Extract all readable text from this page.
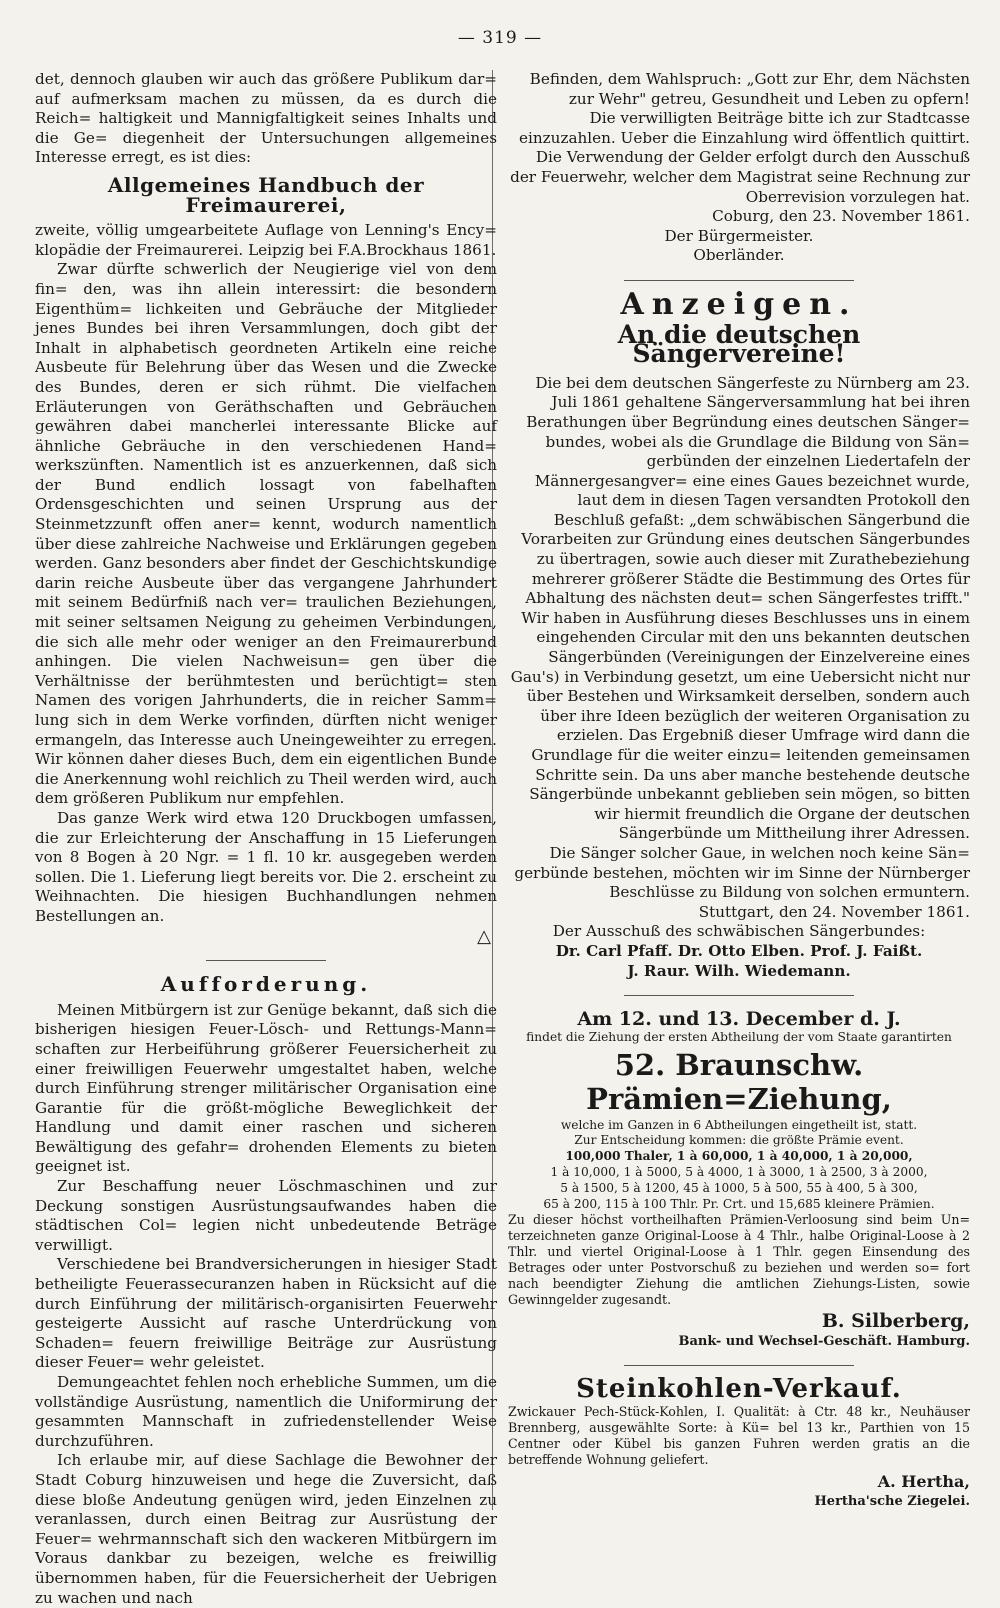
— 319 —

det, dennoch glauben wir auch das größere Publikum dar= auf aufmerksam machen zu müssen, da es durch die Reich= haltigkeit und Mannigfaltigkeit seines Inhalts und die Ge= diegenheit der Untersuchungen allgemeines Interesse erregt, es ist dies:

Allgemeines Handbuch der Freimaurerei,

zweite, völlig umgearbeitete Auflage von Lenning's Ency= klopädie der Freimaurerei. Leipzig bei F.A.Brockhaus 1861.

Zwar dürfte schwerlich der Neugierige viel von dem fin= den, was ihn allein interessirt: die besondern Eigenthüm= lichkeiten und Gebräuche der Mitglieder jenes Bundes bei ihren Versammlungen, doch gibt der Inhalt in alphabetisch geordneten Artikeln eine reiche Ausbeute für Belehrung über das Wesen und die Zwecke des Bundes, deren er sich rühmt. Die vielfachen Erläuterungen von Geräthschaften und Gebräuchen gewähren dabei mancherlei interessante Blicke auf ähnliche Gebräuche in den verschiedenen Hand= werkszünften. Namentlich ist es anzuerkennen, daß sich der Bund endlich lossagt von fabelhaften Ordensgeschichten und seinen Ursprung aus der Steinmetzzunft offen aner= kennt, wodurch namentlich über diese zahlreiche Nachweise und Erklärungen gegeben werden. Ganz besonders aber findet der Geschichtskundige darin reiche Ausbeute über das vergangene Jahrhundert mit seinem Bedürfniß nach ver= traulichen Beziehungen, mit seiner seltsamen Neigung zu geheimen Verbindungen, die sich alle mehr oder weniger an den Freimaurerbund anhingen. Die vielen Nachweisun= gen über die Verhältnisse der berühmtesten und berüchtigt= sten Namen des vorigen Jahrhunderts, die in reicher Samm= lung sich in dem Werke vorfinden, dürften nicht weniger ermangeln, das Interesse auch Uneingeweihter zu erregen. Wir können daher dieses Buch, dem ein eigentlichen Bunde die Anerkennung wohl reichlich zu Theil werden wird, auch dem größeren Publikum nur empfehlen.

Das ganze Werk wird etwa 120 Druckbogen umfassen, die zur Erleichterung der Anschaffung in 15 Lieferungen von 8 Bogen à 20 Ngr. = 1 fl. 10 kr. ausgegeben werden sollen. Die 1. Lieferung liegt bereits vor. Die 2. erscheint zu Weihnachten. Die hiesigen Buchhandlungen nehmen Bestellungen an.

△
Aufforderung.

Meinen Mitbürgern ist zur Genüge bekannt, daß sich die bisherigen hiesigen Feuer-Lösch- und Rettungs-Mann= schaften zur Herbeiführung größerer Feuersicherheit zu einer freiwilligen Feuerwehr umgestaltet haben, welche durch Einführung strenger militärischer Organisation eine Garantie für die größt-mögliche Beweglichkeit der Handlung und damit einer raschen und sicheren Bewältigung des gefahr= drohenden Elements zu bieten geeignet ist.

Zur Beschaffung neuer Löschmaschinen und zur Deckung sonstigen Ausrüstungsaufwandes haben die städtischen Col= legien nicht unbedeutende Beträge verwilligt.

Verschiedene bei Brandversicherungen in hiesiger Stadt betheiligte Feuerassecuranzen haben in Rücksicht auf die durch Einführung der militärisch-organisirten Feuerwehr gesteigerte Aussicht auf rasche Unterdrückung von Schaden= feuern freiwillige Beiträge zur Ausrüstung dieser Feuer= wehr geleistet.

Demungeachtet fehlen noch erhebliche Summen, um die vollständige Ausrüstung, namentlich die Uniformirung der gesammten Mannschaft in zufriedenstellender Weise durchzuführen.

Ich erlaube mir, auf diese Sachlage die Bewohner der Stadt Coburg hinzuweisen und hege die Zuversicht, daß diese bloße Andeutung genügen wird, jeden Einzelnen zu veranlassen, durch einen Beitrag zur Ausrüstung der Feuer= wehrmannschaft sich den wackeren Mitbürgern im Voraus dankbar zu bezeigen, welche es freiwillig übernommen haben, für die Feuersicherheit der Uebrigen zu wachen und nach

Befinden, dem Wahlspruch: „Gott zur Ehr, dem Nächsten zur Wehr" getreu, Gesundheit und Leben zu opfern!

Die verwilligten Beiträge bitte ich zur Stadtcasse einzuzahlen. Ueber die Einzahlung wird öffentlich quittirt. Die Verwendung der Gelder erfolgt durch den Ausschuß der Feuerwehr, welcher dem Magistrat seine Rechnung zur Oberrevision vorzulegen hat.

Coburg, den 23. November 1861.

Der Bürgermeister.

Oberländer.

Anzeigen.
An die deutschen Sängervereine!

Die bei dem deutschen Sängerfeste zu Nürnberg am 23. Juli 1861 gehaltene Sängerversammlung hat bei ihren Berathungen über Begründung eines deutschen Sänger= bundes, wobei als die Grundlage die Bildung von Sän= gerbünden der einzelnen Liedertafeln der Männergesangver= eine eines Gaues bezeichnet wurde, laut dem in diesen Tagen versandten Protokoll den Beschluß gefaßt: „dem schwäbischen Sängerbund die Vorarbeiten zur Gründung eines deutschen Sängerbundes zu übertragen, sowie auch dieser mit Zurathebeziehung mehrerer größerer Städte die Bestimmung des Ortes für Abhaltung des nächsten deut= schen Sängerfestes trifft." Wir haben in Ausführung dieses Beschlusses uns in einem eingehenden Circular mit den uns bekannten deutschen Sängerbünden (Vereinigungen der Einzelvereine eines Gau's) in Verbindung gesetzt, um eine Uebersicht nicht nur über Bestehen und Wirksamkeit derselben, sondern auch über ihre Ideen bezüglich der weiteren Organisation zu erzielen. Das Ergebniß dieser Umfrage wird dann die Grundlage für die weiter einzu= leitenden gemeinsamen Schritte sein. Da uns aber manche bestehende deutsche Sängerbünde unbekannt geblieben sein mögen, so bitten wir hiermit freundlich die Organe der deutschen Sängerbünde um Mittheilung ihrer Adressen.

Die Sänger solcher Gaue, in welchen noch keine Sän= gerbünde bestehen, möchten wir im Sinne der Nürnberger Beschlüsse zu Bildung von solchen ermuntern.

Stuttgart, den 24. November 1861.

Der Ausschuß des schwäbischen Sängerbundes:

Dr. Carl Pfaff. Dr. Otto Elben. Prof. J. Faißt.

J. Raur. Wilh. Wiedemann.

Am 12. und 13. December d. J.
findet die Ziehung der ersten Abtheilung der vom Staate garantirten
52. Braunschw. Prämien=Ziehung,
welche im Ganzen in 6 Abtheilungen eingetheilt ist, statt.
Zur Entscheidung kommen: die größte Prämie event.
100,000 Thaler, 1 à 60,000, 1 à 40,000, 1 à 20,000,
1 à 10,000, 1 à 5000, 5 à 4000, 1 à 3000, 1 à 2500, 3 à 2000,
5 à 1500, 5 à 1200, 45 à 1000, 5 à 500, 55 à 400, 5 à 300,
65 à 200, 115 à 100 Thlr. Pr. Crt. und 15,685 kleinere Prämien.
Zu dieser höchst vortheilhaften Prämien-Verloosung sind beim Un= terzeichneten ganze Original-Loose à 4 Thlr., halbe Original-Loose à 2 Thlr. und viertel Original-Loose à 1 Thlr. gegen Einsendung des Betrages oder unter Postvorschuß zu beziehen und werden so= fort nach beendigter Ziehung die amtlichen Ziehungs-Listen, sowie Gewinngelder zugesandt.
B. Silberberg,
Bank- und Wechsel-Geschäft. Hamburg.
Steinkohlen-Verkauf.
Zwickauer Pech-Stück-Kohlen, I. Qualität: à Ctr. 48 kr., Neuhäuser Brennberg, ausgewählte Sorte: à Kü= bel 13 kr., Parthien von 15 Centner oder Kübel bis ganzen Fuhren werden gratis an die betreffende Wohnung geliefert.
A. Hertha,
Hertha'sche Ziegelei.
